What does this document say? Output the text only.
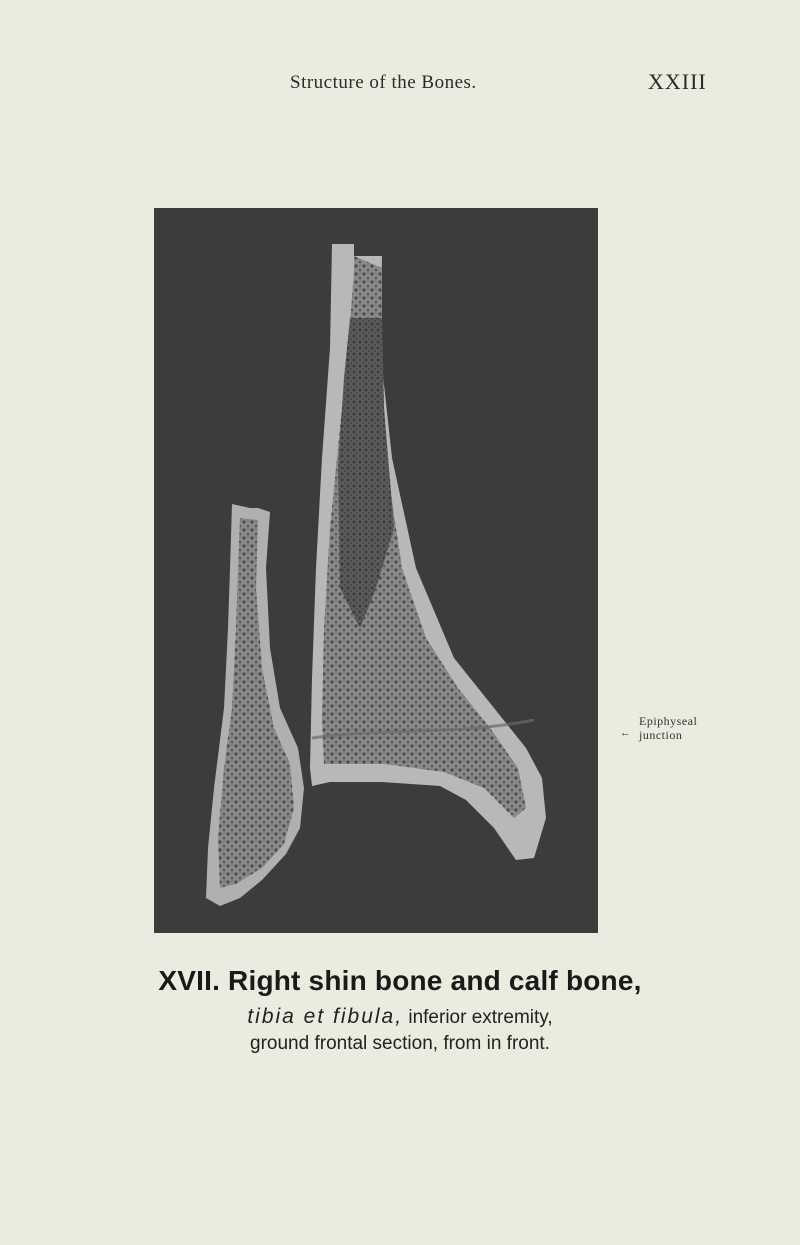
Structure of the Bones.	XXIII
←
Epiphyseal
junction
XVII. Right shin bone and calf bone,
tibia et fibula, inferior extremity,
ground frontal section, from in front.
